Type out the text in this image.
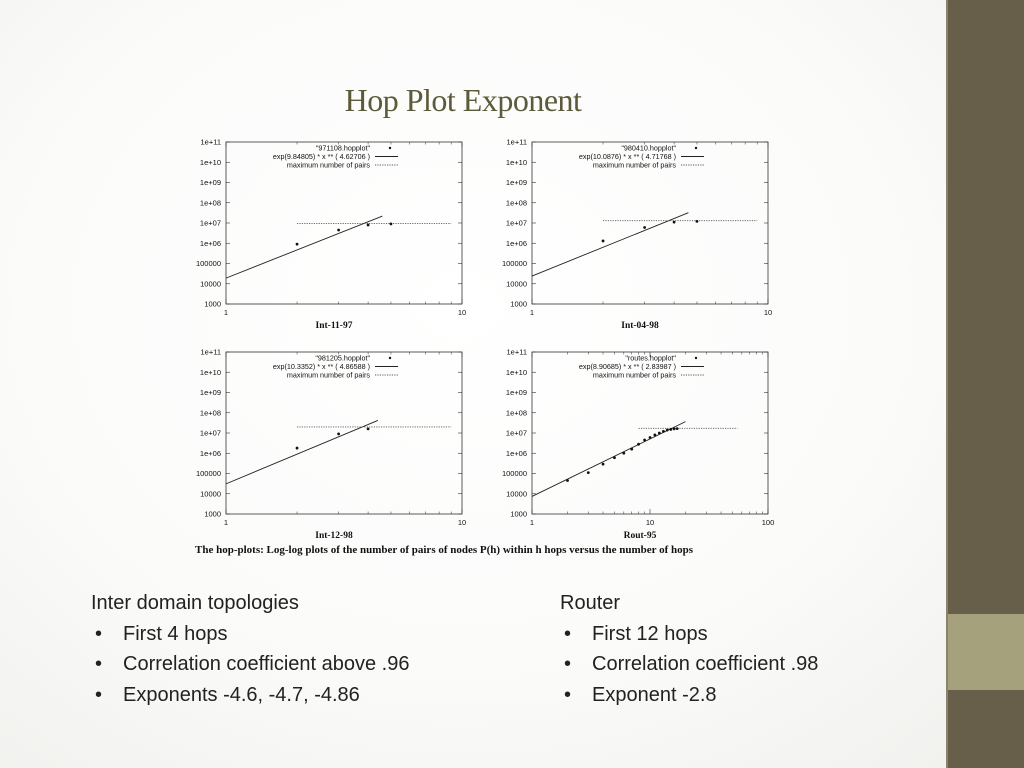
Hop Plot Exponent
1000
10000
100000
1e+06
1e+07
1e+08
1e+09
1e+10
1e+11
1	10
"971108.hopplot"
exp(9.84805) * x ** ( 4.62706 )
maximum number of pairs
Int-11-97
1000
10000
100000
1e+06
1e+07
1e+08
1e+09
1e+10
1e+11
1	10
"980410.hopplot"
exp(10.0876) * x ** ( 4.71768 )
maximum number of pairs
Int-04-98
1000
10000
100000
1e+06
1e+07
1e+08
1e+09
1e+10
1e+11
1	10
"981205.hopplot"
exp(10.3352) * x ** ( 4.86588 )
maximum number of pairs
Int-12-98
1000
10000
100000
1e+06
1e+07
1e+08
1e+09
1e+10
1e+11
1	10	100
"routes.hopplot"
exp(8.90685) * x ** ( 2.83987 )
maximum number of pairs
Rout-95
The hop-plots: Log-log plots of the number of pairs of nodes P(h) within h hops versus the number of hops
Inter domain topologies
• First 4 hops
• Correlation coefficient above .96
• Exponents -4.6, -4.7, -4.86
Router
• First 12 hops
• Correlation coefficient .98
• Exponent -2.8
